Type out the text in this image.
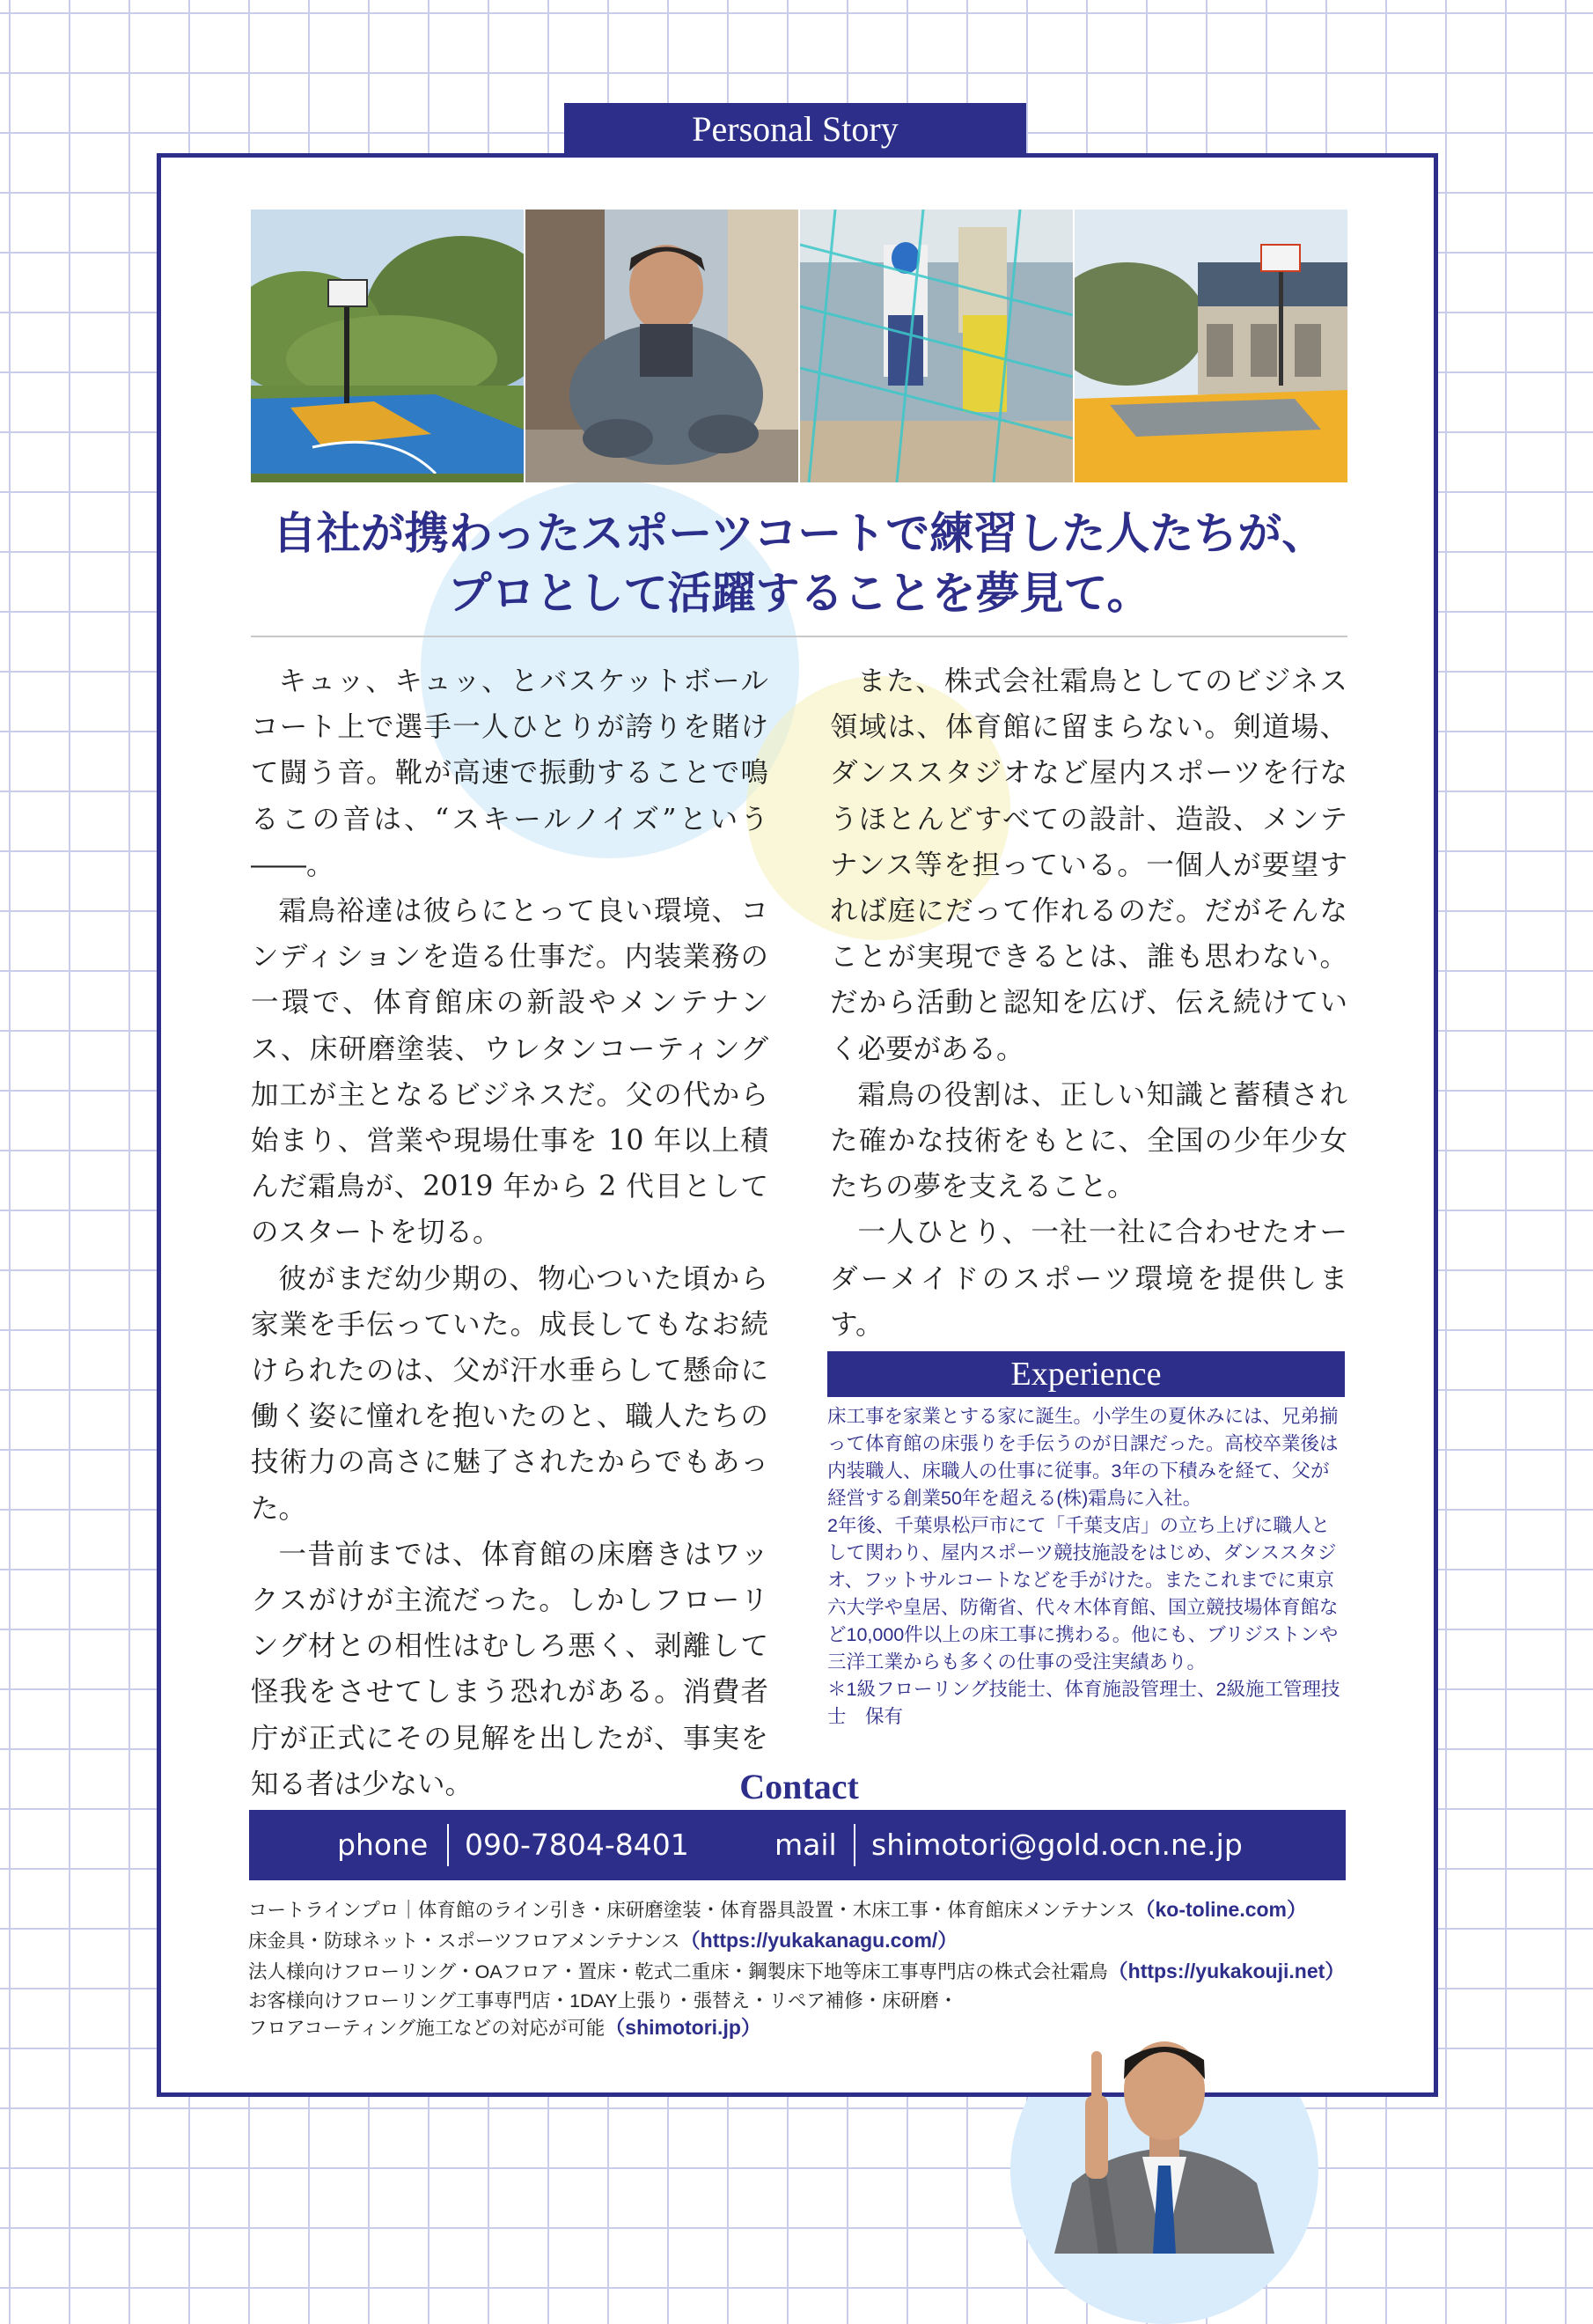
Personal Story
自社が携わったスポーツコートで練習した人たちが、
プロとして活躍することを夢見て。

キュッ、キュッ、とバスケットボールコート上で選手一人ひとりが誇りを賭けて闘う音。靴が高速で振動することで鳴るこの音は、“スキールノイズ”という――。

霜鳥裕達は彼らにとって良い環境、コンディションを造る仕事だ。内装業務の一環で、体育館床の新設やメンテナンス、床研磨塗装、ウレタンコーティング加工が主となるビジネスだ。父の代から始まり、営業や現場仕事を 10 年以上積んだ霜鳥が、2019 年から 2 代目としてのスタートを切る。

彼がまだ幼少期の、物心ついた頃から家業を手伝っていた。成長してもなお続けられたのは、父が汗水垂らして懸命に働く姿に憧れを抱いたのと、職人たちの技術力の高さに魅了されたからでもあった。

一昔前までは、体育館の床磨きはワックスがけが主流だった。しかしフローリング材との相性はむしろ悪く、剥離して怪我をさせてしまう恐れがある。消費者庁が正式にその見解を出したが、事実を知る者は少ない。

また、株式会社霜鳥としてのビジネス領域は、体育館に留まらない。剣道場、ダンススタジオなど屋内スポーツを行なうほとんどすべての設計、造設、メンテナンス等を担っている。一個人が要望すれば庭にだって作れるのだ。だがそんなことが実現できるとは、誰も思わない。だから活動と認知を広げ、伝え続けていく必要がある。

霜鳥の役割は、正しい知識と蓄積された確かな技術をもとに、全国の少年少女たちの夢を支えること。

一人ひとり、一社一社に合わせたオーダーメイドのスポーツ環境を提供します。

Experience

床工事を家業とする家に誕生。小学生の夏休みには、兄弟揃って体育館の床張りを手伝うのが日課だった。高校卒業後は内装職人、床職人の仕事に従事。3年の下積みを経て、父が経営する創業50年を超える(株)霜鳥に入社。

2年後、千葉県松戸市にて「千葉支店」の立ち上げに職人として関わり、屋内スポーツ競技施設をはじめ、ダンススタジオ、フットサルコートなどを手がけた。またこれまでに東京六大学や皇居、防衛省、代々木体育館、国立競技場体育館など10,000件以上の床工事に携わる。他にも、ブリジストンや三洋工業からも多くの仕事の受注実績あり。

＊1級フローリング技能士、体育施設管理士、2級施工管理技士　保有

Contact
phone 090-7804-8401	mail shimotori@gold.ocn.ne.jp
コートラインプロ｜体育館のライン引き・床研磨塗装・体育器具設置・木床工事・体育館床メンテナンス（ko-toline.com）
床金具・防球ネット・スポーツフロアメンテナンス（https://yukakanagu.com/）
法人様向けフローリング・OAフロア・置床・乾式二重床・鋼製床下地等床工事専門店の株式会社霜鳥（https://yukakouji.net）
お客様向けフローリング工事専門店・1DAY上張り・張替え・リペア補修・床研磨・
フロアコーティング施工などの対応が可能（shimotori.jp）
